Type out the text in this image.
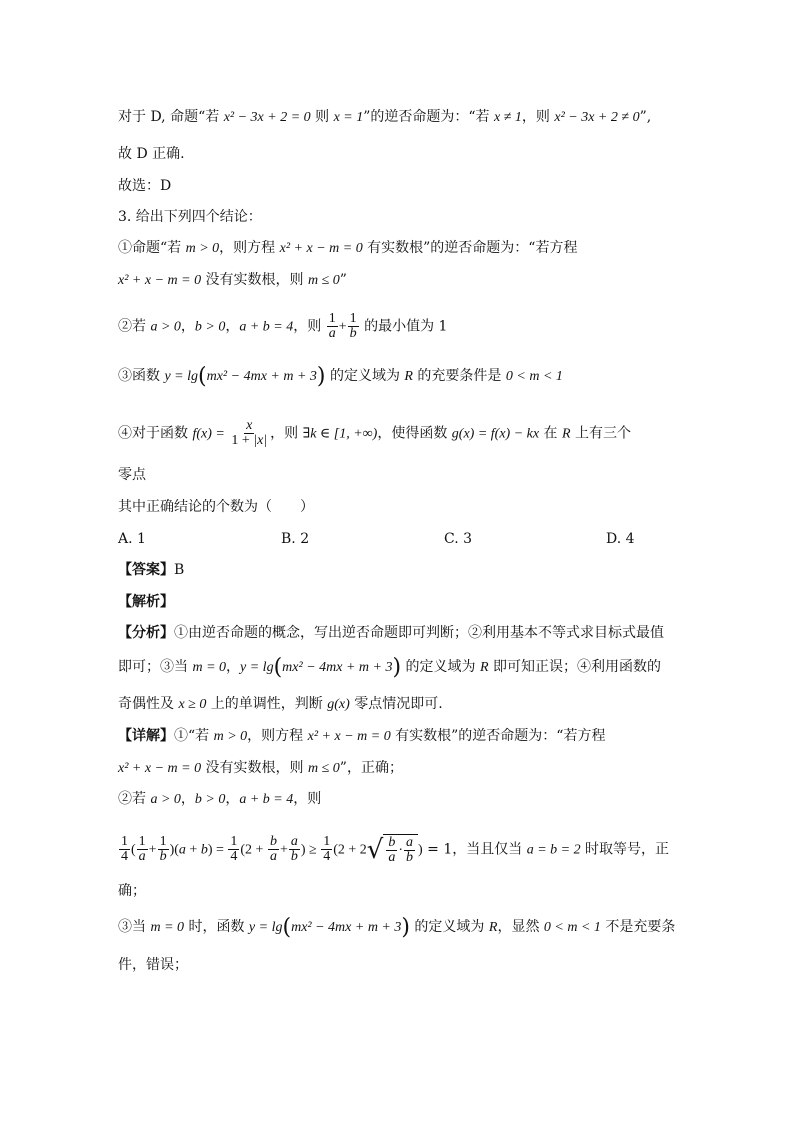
对于 D, 命题“若 x² − 3x + 2 = 0 则 x = 1”的逆否命题为：“若 x ≠ 1，则 x² − 3x + 2 ≠ 0”,
故 D 正确.
故选：D
3. 给出下列四个结论：
①命题“若 m > 0，则方程 x² + x − m = 0 有实数根”的逆否命题为：“若方程
x² + x − m = 0 没有实数根，则 m ≤ 0”
②若 a > 0，b > 0，a + b = 4，则 $\frac{1}{a} + \frac{1}{b}$ 的最小值为 1
③函数 y = lg(mx² − 4mx + m + 3) 的定义域为 R 的充要条件是 0 < m < 1
④对于函数 $f(x) = \frac{x}{1 + |x|}$ ，则 ∃k ∈ [1, +∞)，使得函数 g(x) = f(x) − kx 在 R 上有三个
零点
其中正确结论的个数为（　　）
A. 1	B. 2	C. 3	D. 4
【答案】B
【解析】
【分析】①由逆否命题的概念，写出逆否命题即可判断；②利用基本不等式求目标式最值
即可；③当 m = 0，y = lg(mx² − 4mx + m + 3) 的定义域为 R 即可知正误；④利用函数的
奇偶性及 x ≥ 0 上的单调性，判断 g(x) 零点情况即可.
【详解】①“若 m > 0，则方程 x² + x − m = 0 有实数根”的逆否命题为：“若方程
x² + x − m = 0 没有实数根，则 m ≤ 0”，正确；
②若 a > 0，b > 0，a + b = 4，则
$\frac{1}{4}$ ( $\frac{1}{a} + \frac{1}{b} )(a + b) = \frac{1}{4} (2 + \frac{b}{a} + \frac{a}{b}$ ) ≥ $\frac{1}{4} (2 + 2$ √ $\frac{b}{a} \cdot \frac{a}{b}$ ) = 1，当且仅当 a = b = 2 时取等号，正
确；
③当 m = 0 时，函数 y = lg(mx² − 4mx + m + 3) 的定义域为 R，显然 0 < m < 1 不是充要条
件，错误；
